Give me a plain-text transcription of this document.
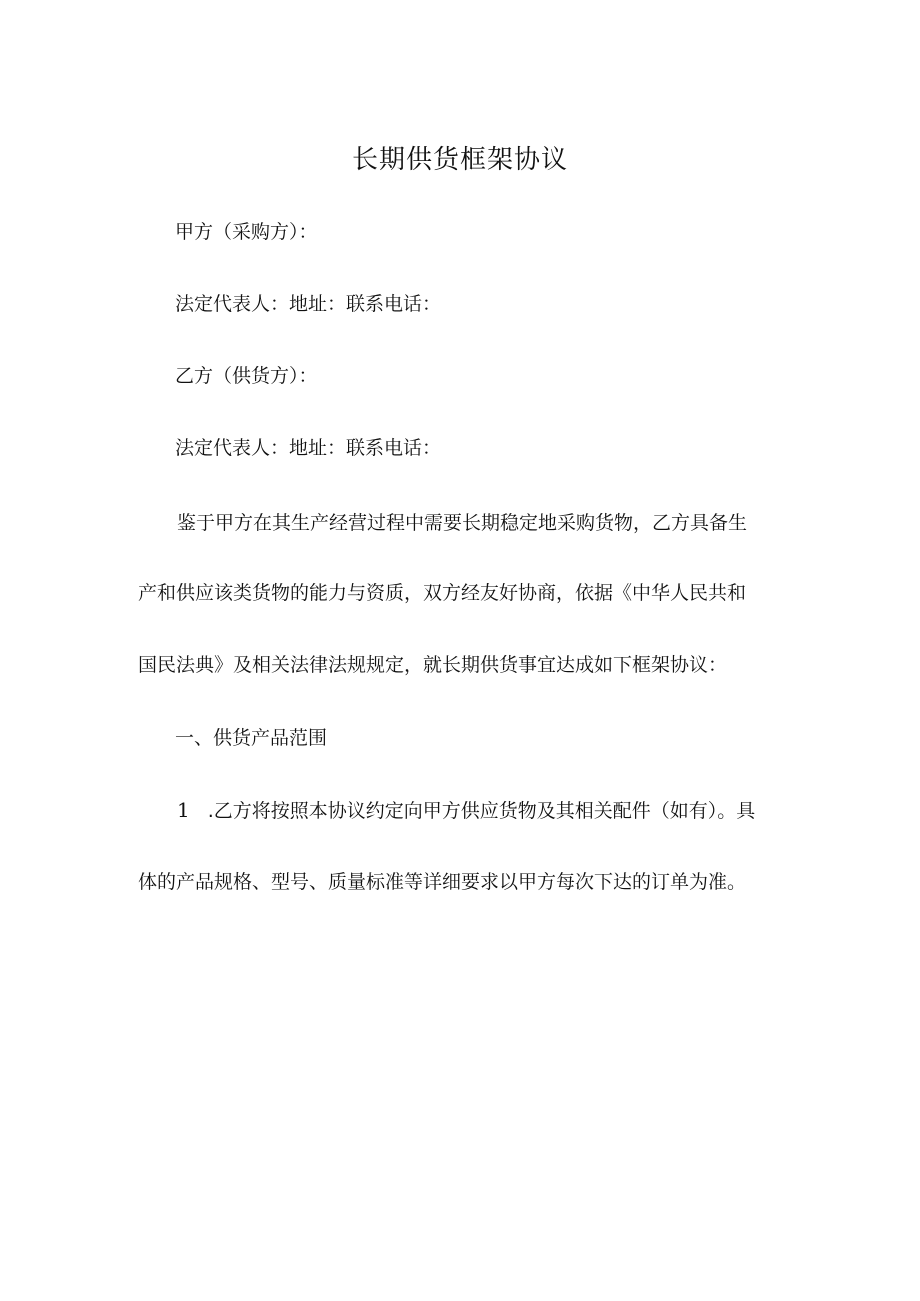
长期供货框架协议
甲方（采购方）：
法定代表人：地址：联系电话：
乙方（供货方）：
法定代表人：地址：联系电话：
鉴于甲方在其生产经营过程中需要长期稳定地采购货物，乙方具备生
产和供应该类货物的能力与资质，双方经友好协商，依据《中华人民共和
国民法典》及相关法律法规规定，就长期供货事宜达成如下框架协议：
一、供货产品范围
1 .乙方将按照本协议约定向甲方供应货物及其相关配件（如有）。具
体的产品规格、型号、质量标准等详细要求以甲方每次下达的订单为准。
